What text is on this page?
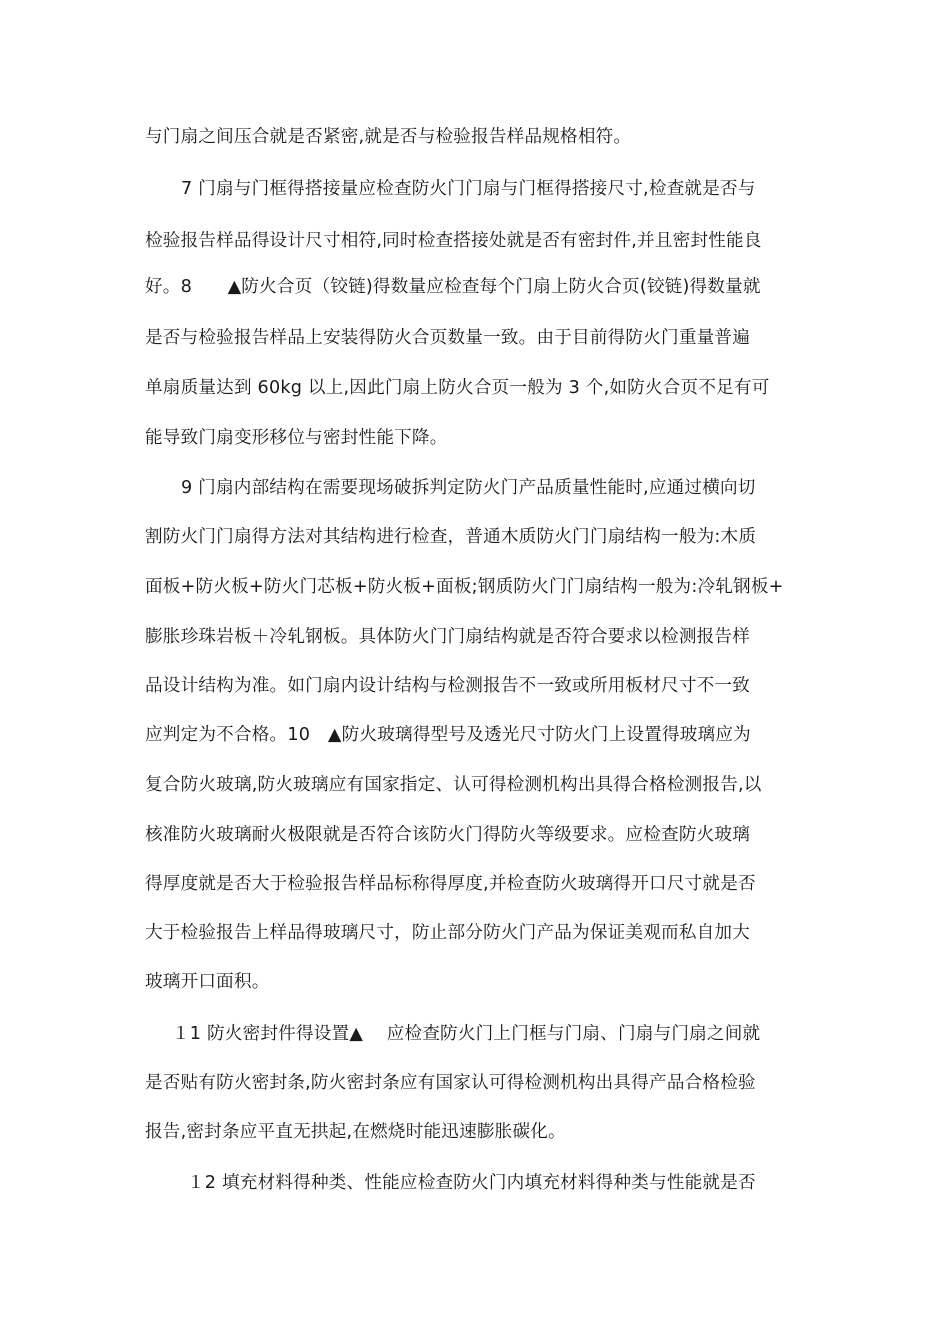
与门扇之间压合就是否紧密,就是否与检验报告样品规格相符。
7 门扇与门框得搭接量应检查防火门门扇与门框得搭接尺寸,检查就是否与
检验报告样品得设计尺寸相符,同时检查搭接处就是否有密封件,并且密封性能良
好。8　　▲防火合页（铰链)得数量应检查每个门扇上防火合页(铰链)得数量就
是否与检验报告样品上安装得防火合页数量一致。由于目前得防火门重量普遍
单扇质量达到 60kg 以上,因此门扇上防火合页一般为 3 个,如防火合页不足有可
能导致门扇变形移位与密封性能下降。
9 门扇内部结构在需要现场破拆判定防火门产品质量性能时,应通过横向切
割防火门门扇得方法对其结构进行检查，普通木质防火门门扇结构一般为:木质
面板+防火板+防火门芯板+防火板+面板;钢质防火门门扇结构一般为:冷轧钢板+
膨胀珍珠岩板＋冷轧钢板。具体防火门门扇结构就是否符合要求以检测报告样
品设计结构为准。如门扇内设计结构与检测报告不一致或所用板材尺寸不一致
应判定为不合格。10　▲防火玻璃得型号及透光尺寸防火门上设置得玻璃应为
复合防火玻璃,防火玻璃应有国家指定、认可得检测机构出具得合格检测报告,以
核准防火玻璃耐火极限就是否符合该防火门得防火等级要求。应检查防火玻璃
得厚度就是否大于检验报告样品标称得厚度,并检查防火玻璃得开口尺寸就是否
大于检验报告上样品得玻璃尺寸，防止部分防火门产品为保证美观而私自加大
玻璃开口面积。
１1 防火密封件得设置▲　 应检查防火门上门框与门扇、门扇与门扇之间就
是否贴有防火密封条,防火密封条应有国家认可得检测机构出具得产品合格检验
报告,密封条应平直无拱起,在燃烧时能迅速膨胀碳化。
１2 填充材料得种类、性能应检查防火门内填充材料得种类与性能就是否
